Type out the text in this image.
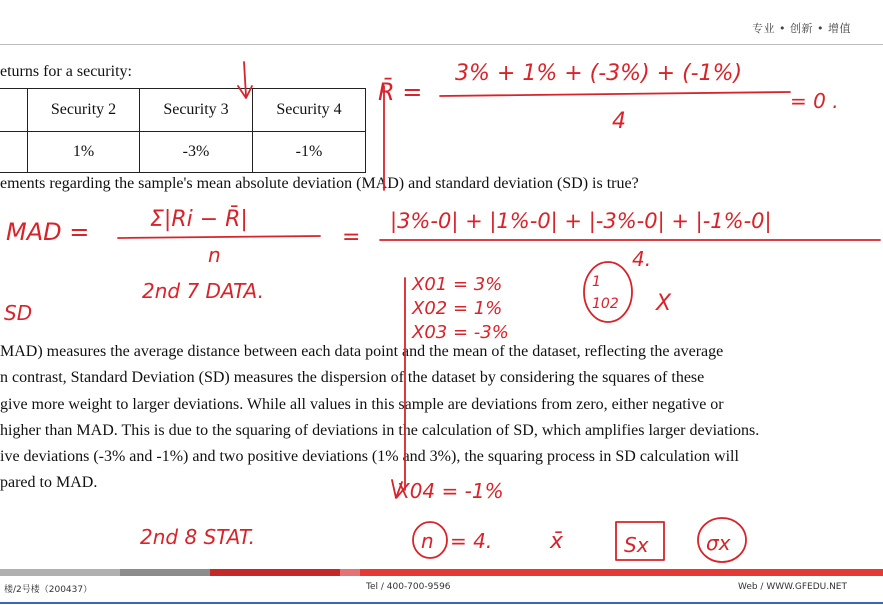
专业 • 创新 • 增值
eturns for a security:
	Security 2	Security 3	Security 4
	1%	-3%	-1%
ements regarding the sample's mean absolute deviation (MAD) and standard deviation (SD) is true?
MAD) measures the average distance between each data point and the mean of the dataset, reflecting the average
n contrast, Standard Deviation (SD) measures the dispersion of the dataset by considering the squares of these
give more weight to larger deviations. While all values in this sample are deviations from zero, either negative or
higher than MAD. This is due to the squaring of deviations in the calculation of SD, which amplifies larger deviations.
ive deviations (-3% and -1%) and two positive deviations (1% and 3%), the squaring process in SD calculation will
pared to MAD.
R̄ =
3% + 1% + (-3%) + (-1%)
4
= 0 .
MAD =	Σ|Ri − R̄|
n
=
|3%-0| + |1%-0| + |-3%-0| + |-1%-0|
4.
2nd 7 DATA.
SD
X01 = 3%
X02 = 1%
X03 = -3%
X04 = -1%
1
102 X
2nd 8 STAT.	n = 4.	x̄	Sx	σx
楼/2号楼（200437）	Tel / 400-700-9596	Web / WWW.GFEDU.NET
